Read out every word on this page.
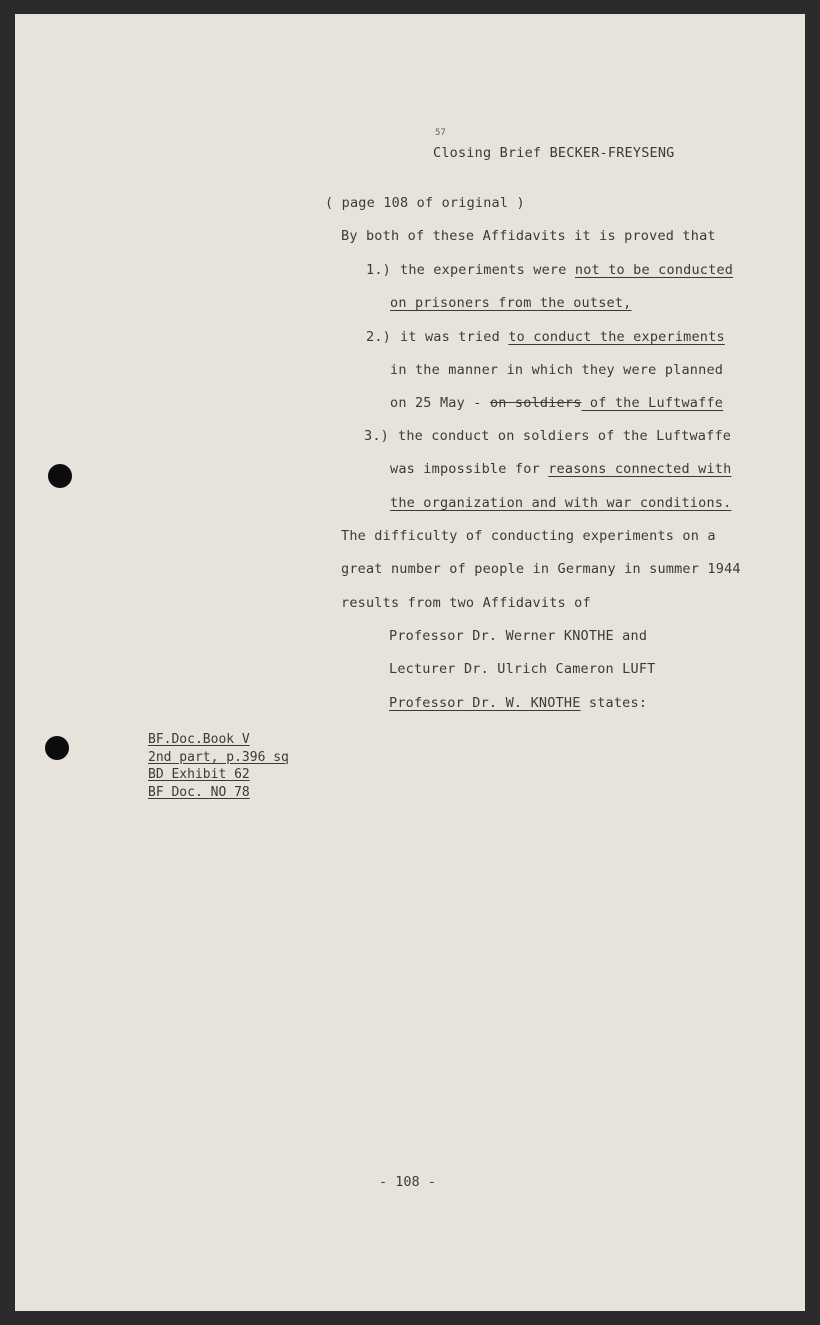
57
Closing Brief BECKER-FREYSENG
( page 108 of original )
By both of these Affidavits it is proved that
1.) the experiments were not to be conducted
on prisoners from the outset,
2.) it was tried to conduct the experiments
in the manner in which they were planned
on 25 May - on soldiers of the Luftwaffe
3.) the conduct on soldiers of the Luftwaffe
was impossible for reasons connected with
the organization and with war conditions.
The difficulty of conducting experiments on a
great number of people in Germany in summer 1944
results from two Affidavits of
Professor Dr. Werner KNOTHE and
Lecturer Dr. Ulrich Cameron LUFT
Professor Dr. W. KNOTHE states:
BF.Doc.Book V
2nd part, p.396 sq
BD Exhibit 62
BF Doc. NO 78
- 108 -
